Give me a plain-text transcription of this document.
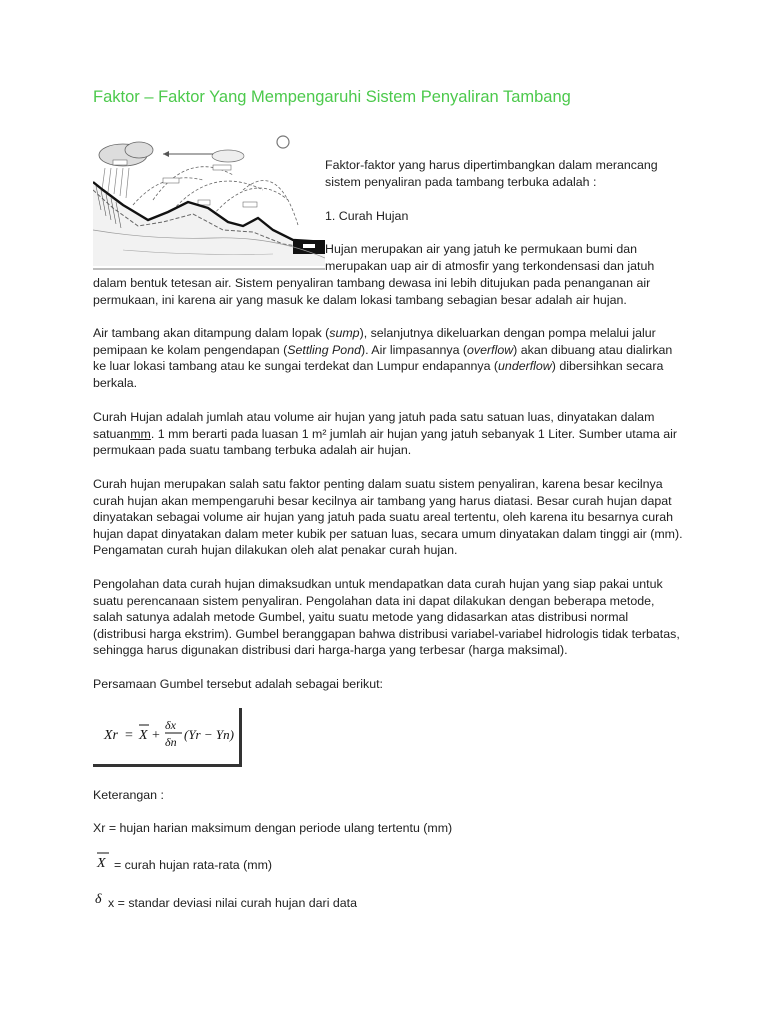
Faktor – Faktor Yang Mempengaruhi Sistem Penyaliran Tambang

Faktor-faktor yang harus dipertimbangkan dalam merancang
sistem penyaliran pada tambang terbuka adalah :

1. Curah Hujan

Hujan merupakan air yang jatuh ke permukaan bumi dan
merupakan uap air di atmosfir yang terkondensasi dan jatuh

dalam bentuk tetesan air. Sistem penyaliran tambang dewasa ini lebih ditujukan pada penanganan air permukaan, ini karena air yang masuk ke dalam lokasi tambang sebagian besar adalah air hujan.

Air tambang akan ditampung dalam lopak (sump), selanjutnya dikeluarkan dengan pompa melalui jalur pemipaan ke kolam pengendapan (Settling Pond). Air limpasannya (overflow) akan dibuang atau dialirkan ke luar lokasi tambang atau ke sungai terdekat dan Lumpur endapannya (underflow) dibersihkan secara berkala.

Curah Hujan adalah jumlah atau volume air hujan yang jatuh pada satu satuan luas, dinyatakan dalam satuanmm. 1 mm berarti pada luasan 1 m² jumlah air hujan yang jatuh sebanyak 1 Liter. Sumber utama air permukaan pada suatu tambang terbuka adalah air hujan.

Curah hujan merupakan salah satu faktor penting dalam suatu sistem penyaliran, karena besar kecilnya curah hujan akan mempengaruhi besar kecilnya air tambang yang harus diatasi. Besar curah hujan dapat dinyatakan sebagai volume air hujan yang jatuh pada suatu areal tertentu, oleh karena itu besarnya curah hujan dapat dinyatakan dalam meter kubik per satuan luas, secara umum dinyatakan dalam tinggi air (mm). Pengamatan curah hujan dilakukan oleh alat penakar curah hujan.

Pengolahan data curah hujan dimaksudkan untuk mendapatkan data curah hujan yang siap pakai untuk suatu perencanaan sistem penyaliran. Pengolahan data ini dapat dilakukan dengan beberapa metode, salah satunya adalah metode Gumbel, yaitu suatu metode yang didasarkan atas distribusi normal (distribusi harga ekstrim). Gumbel beranggapan bahwa distribusi variabel-variabel hidrologis tidak terbatas, sehingga harus digunakan distribusi dari harga-harga yang terbesar (harga maksimal).

Persamaan Gumbel tersebut adalah sebagai berikut:

Xr = X +
δx
δn (Yr − Yn)

Keterangan :

Xr = hujan harian maksimum dengan periode ulang tertentu (mm)

X = curah hujan rata-rata (mm)

δ x = standar deviasi nilai curah hujan dari data
